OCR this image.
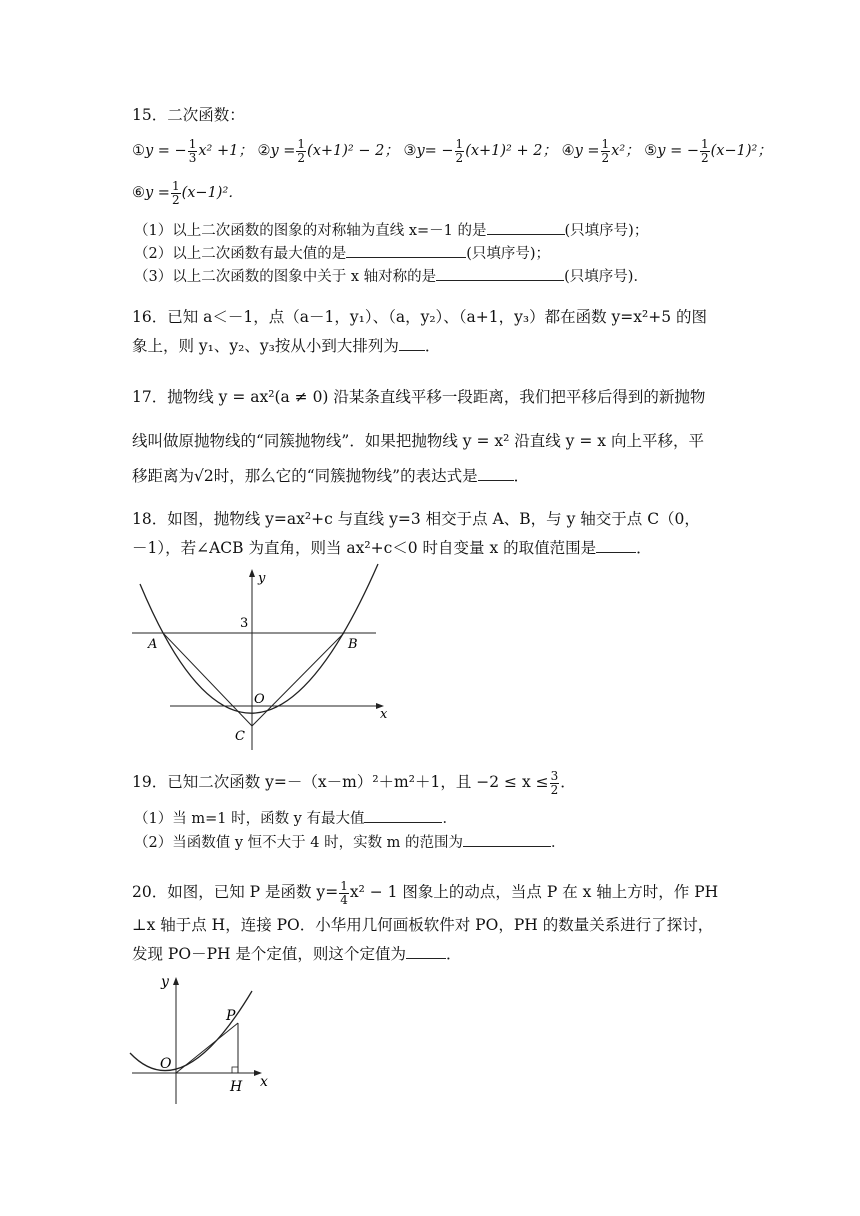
15．二次函数：
①y = − $\frac{1}{3} x^2 +1$； ②y = $\frac{1}{2} (x+1)^2 - 2$； ③y= − $\frac{1}{2} (x+1)^2 + 2$； ④y = $\frac{1}{2} x^2$； ⑤y = − $\frac{1}{2} (x-1)^2$；
⑥y = $\frac{1}{2} (x-1)^2$．
（1）以上二次函数的图象的对称轴为直线 x=－1 的是	(只填序号)；
（2）以上二次函数有最大值的是	(只填序号)；
（3）以上二次函数的图象中关于 x 轴对称的是	(只填序号)．
16．已知 a＜－1，点（a－1，y₁）、（a，y₂）、（a+1，y₃）都在函数 y=x²+5 的图
象上，则 y₁、y₂、y₃按从小到大排列为 ．
17．抛物线 y = ax²(a ≠ 0) 沿某条直线平移一段距离，我们把平移后得到的新抛物
线叫做原抛物线的“同簇抛物线”．如果把抛物线 y = x² 沿直线 y = x 向上平移，平
移距离为√2时，那么它的“同簇抛物线”的表达式是 ．
18．如图，抛物线 y=ax²+c 与直线 y=3 相交于点 A、B，与 y 轴交于点 C（0，
－1），若∠ACB 为直角，则当 ax²+c＜0 时自变量 x 的取值范围是	．
y
x
3
A	B
O
C
19．已知二次函数 y=－（x－m）²＋m²＋1，且 $-2 \le x \le \frac{3}{2}$ ．
（1）当 m=1 时，函数 y 有最大值	．
（2）当函数值 y 恒不大于 4 时，实数 m 的范围为	．
20．如图，已知 P 是函数 $y= \frac{1}{4} x^2 - 1$ 图象上的动点，当点 P 在 x 轴上方时，作 PH
⊥x 轴于点 H，连接 PO．小华用几何画板软件对 PO，PH 的数量关系进行了探讨，
发现 PO－PH 是个定值，则这个定值为	．
y
x
P
O
H
